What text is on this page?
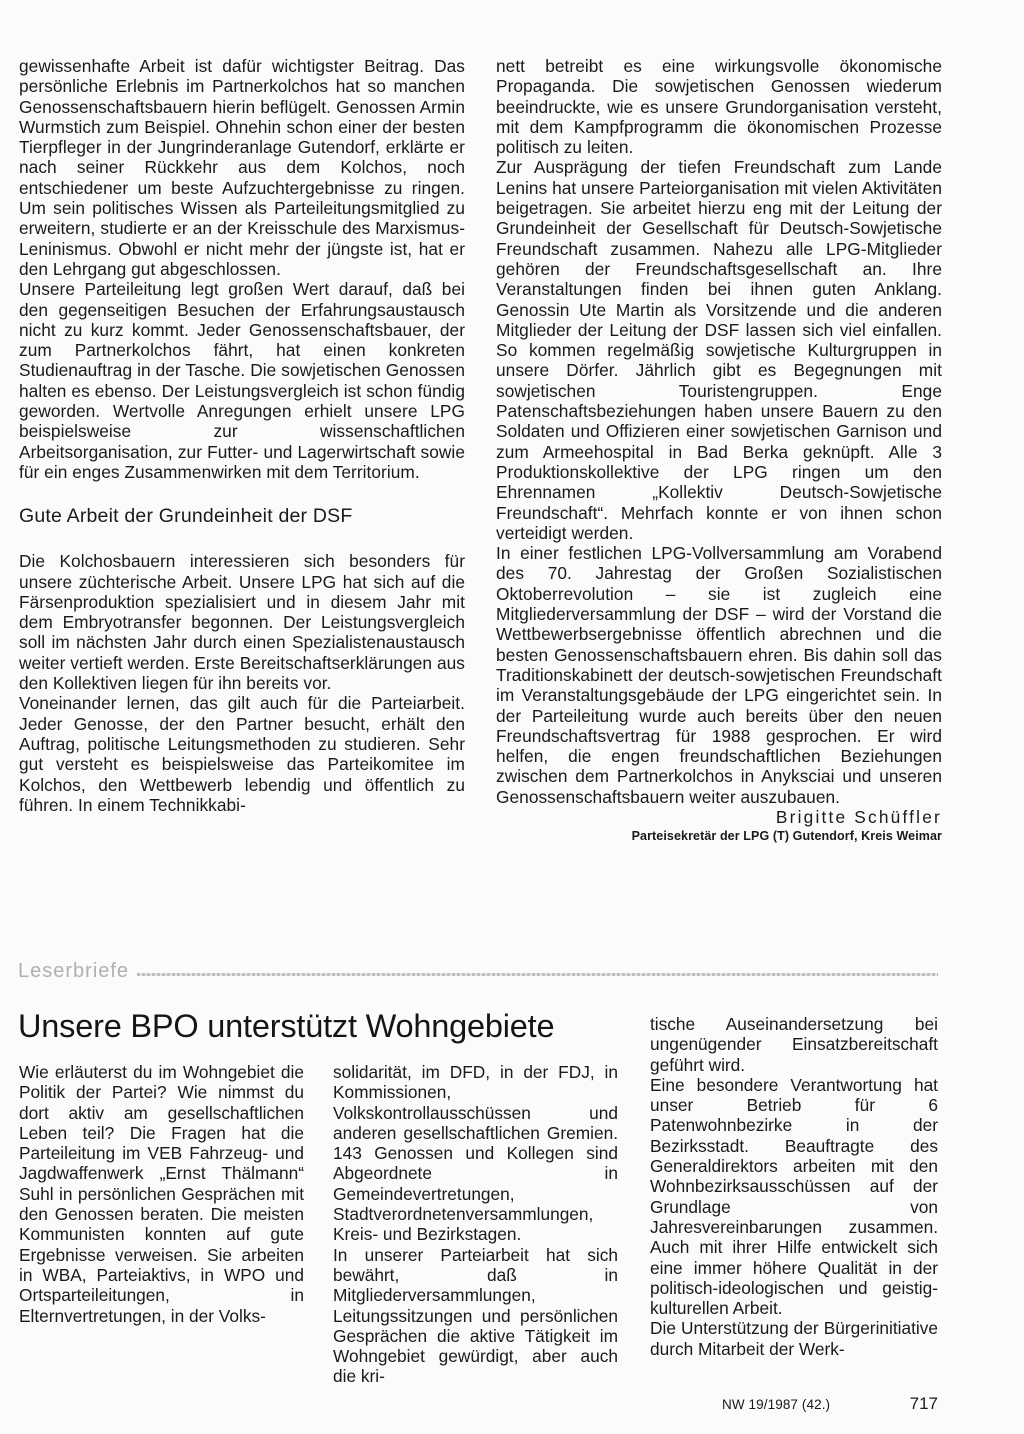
gewissenhafte Arbeit ist dafür wichtigster Beitrag. Das persönliche Erlebnis im Partnerkolchos hat so manchen Genossenschaftsbauern hierin beflügelt. Genossen Armin Wurmstich zum Beispiel. Ohnehin schon einer der besten Tierpfleger in der Jungrinderanlage Gutendorf, erklärte er nach seiner Rückkehr aus dem Kolchos, noch entschiedener um beste Aufzuchtergebnisse zu ringen. Um sein politisches Wissen als Parteileitungsmitglied zu erweitern, studierte er an der Kreisschule des Marxismus-Leninismus. Obwohl er nicht mehr der jüngste ist, hat er den Lehrgang gut abgeschlossen.

Unsere Parteileitung legt großen Wert darauf, daß bei den gegenseitigen Besuchen der Erfahrungsaustausch nicht zu kurz kommt. Jeder Genossenschaftsbauer, der zum Partnerkolchos fährt, hat einen konkreten Studienauftrag in der Tasche. Die sowjetischen Genossen halten es ebenso. Der Leistungsvergleich ist schon fündig geworden. Wertvolle Anregungen erhielt unsere LPG beispielsweise zur wissenschaftlichen Arbeitsorganisation, zur Futter- und Lagerwirtschaft sowie für ein enges Zusammenwirken mit dem Territorium.

Gute Arbeit der Grundeinheit der DSF

Die Kolchosbauern interessieren sich besonders für unsere züchterische Arbeit. Unsere LPG hat sich auf die Färsenproduktion spezialisiert und in diesem Jahr mit dem Embryotransfer begonnen. Der Leistungsvergleich soll im nächsten Jahr durch einen Spezialistenaustausch weiter vertieft werden. Erste Bereitschaftserklärungen aus den Kollektiven liegen für ihn bereits vor.

Voneinander lernen, das gilt auch für die Parteiarbeit. Jeder Genosse, der den Partner besucht, erhält den Auftrag, politische Leitungsmethoden zu studieren. Sehr gut versteht es beispielsweise das Parteikomitee im Kolchos, den Wettbewerb lebendig und öffentlich zu führen. In einem Technikkabi-

nett betreibt es eine wirkungsvolle ökonomische Propaganda. Die sowjetischen Genossen wiederum beeindruckte, wie es unsere Grundorganisation versteht, mit dem Kampfprogramm die ökonomischen Prozesse politisch zu leiten.

Zur Ausprägung der tiefen Freundschaft zum Lande Lenins hat unsere Parteiorganisation mit vielen Aktivitäten beigetragen. Sie arbeitet hierzu eng mit der Leitung der Grundeinheit der Gesellschaft für Deutsch-Sowjetische Freundschaft zusammen. Nahezu alle LPG-Mitglieder gehören der Freundschaftsgesellschaft an. Ihre Veranstaltungen finden bei ihnen guten Anklang. Genossin Ute Martin als Vorsitzende und die anderen Mitglieder der Leitung der DSF lassen sich viel einfallen. So kommen regelmäßig sowjetische Kulturgruppen in unsere Dörfer. Jährlich gibt es Begegnungen mit sowjetischen Touristengruppen. Enge Patenschaftsbeziehungen haben unsere Bauern zu den Soldaten und Offizieren einer sowjetischen Garnison und zum Armeehospital in Bad Berka geknüpft. Alle 3 Produktionskollektive der LPG ringen um den Ehrennamen „Kollektiv Deutsch-Sowjetische Freundschaft“. Mehrfach konnte er von ihnen schon verteidigt werden.

In einer festlichen LPG-Vollversammlung am Vorabend des 70. Jahrestag der Großen Sozialistischen Oktoberrevolution – sie ist zugleich eine Mitgliederversammlung der DSF – wird der Vorstand die Wettbewerbsergebnisse öffentlich abrechnen und die besten Genossenschaftsbauern ehren. Bis dahin soll das Traditionskabinett der deutsch-sowjetischen Freundschaft im Veranstaltungsgebäude der LPG eingerichtet sein. In der Parteileitung wurde auch bereits über den neuen Freundschaftsvertrag für 1988 gesprochen. Er wird helfen, die engen freundschaftlichen Beziehungen zwischen dem Partnerkolchos in Anyksciai und unseren Genossenschaftsbauern weiter auszubauen.

Brigitte Schüffler
Parteisekretär der LPG (T) Gutendorf, Kreis Weimar
Leserbriefe
Unsere BPO unterstützt Wohngebiete

Wie erläuterst du im Wohngebiet die Politik der Partei? Wie nimmst du dort aktiv am gesellschaftlichen Leben teil? Die Fragen hat die Parteileitung im VEB Fahrzeug- und Jagdwaffenwerk „Ernst Thälmann“ Suhl in persönlichen Gesprächen mit den Genossen beraten. Die meisten Kommunisten konnten auf gute Ergebnisse verweisen. Sie arbeiten in WBA, Parteiaktivs, in WPO und Ortsparteileitungen, in Elternvertretungen, in der Volks-

solidarität, im DFD, in der FDJ, in Kommissionen, Volkskontrollausschüssen und anderen gesellschaftlichen Gremien. 143 Genossen und Kollegen sind Abgeordnete in Gemeindevertretungen, Stadtverordnetenversammlungen, Kreis- und Bezirkstagen.

In unserer Parteiarbeit hat sich bewährt, daß in Mitgliederversammlungen, Leitungssitzungen und persönlichen Gesprächen die aktive Tätigkeit im Wohngebiet gewürdigt, aber auch die kri-

tische Auseinandersetzung bei ungenügender Einsatzbereitschaft geführt wird.

Eine besondere Verantwortung hat unser Betrieb für 6 Patenwohnbezirke in der Bezirksstadt. Beauftragte des Generaldirektors arbeiten mit den Wohnbezirksausschüssen auf der Grundlage von Jahresvereinbarungen zusammen. Auch mit ihrer Hilfe entwickelt sich eine immer höhere Qualität in der politisch-ideologischen und geistig-kulturellen Arbeit.

Die Unterstützung der Bürgerinitiative durch Mitarbeit der Werk-

NW 19/1987 (42.)	717
